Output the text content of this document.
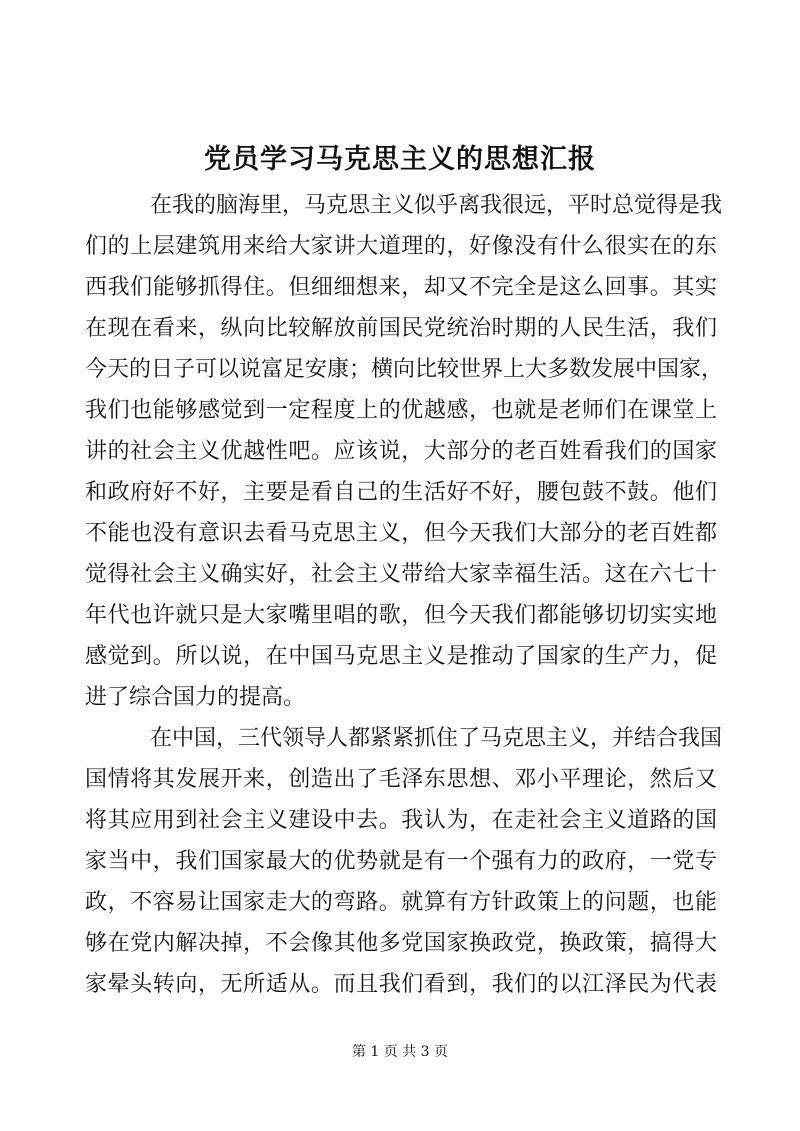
党员学习马克思主义的思想汇报
在我的脑海里，马克思主义似乎离我很远，平时总觉得是我
们的上层建筑用来给大家讲大道理的，好像没有什么很实在的东
西我们能够抓得住。但细细想来，却又不完全是这么回事。其实
在现在看来，纵向比较解放前国民党统治时期的人民生活，我们
今天的日子可以说富足安康；横向比较世界上大多数发展中国家，
我们也能够感觉到一定程度上的优越感，也就是老师们在课堂上
讲的社会主义优越性吧。应该说，大部分的老百姓看我们的国家
和政府好不好，主要是看自己的生活好不好，腰包鼓不鼓。他们
不能也没有意识去看马克思主义，但今天我们大部分的老百姓都
觉得社会主义确实好，社会主义带给大家幸福生活。这在六七十
年代也许就只是大家嘴里唱的歌，但今天我们都能够切切实实地
感觉到。所以说，在中国马克思主义是推动了国家的生产力，促
进了综合国力的提高。
在中国，三代领导人都紧紧抓住了马克思主义，并结合我国
国情将其发展开来，创造出了毛泽东思想、邓小平理论，然后又
将其应用到社会主义建设中去。我认为，在走社会主义道路的国
家当中，我们国家最大的优势就是有一个强有力的政府，一党专
政，不容易让国家走大的弯路。就算有方针政策上的问题，也能
够在党内解决掉，不会像其他多党国家换政党，换政策，搞得大
家晕头转向，无所适从。而且我们看到，我们的以江泽民为代表
第 1 页 共 3 页
